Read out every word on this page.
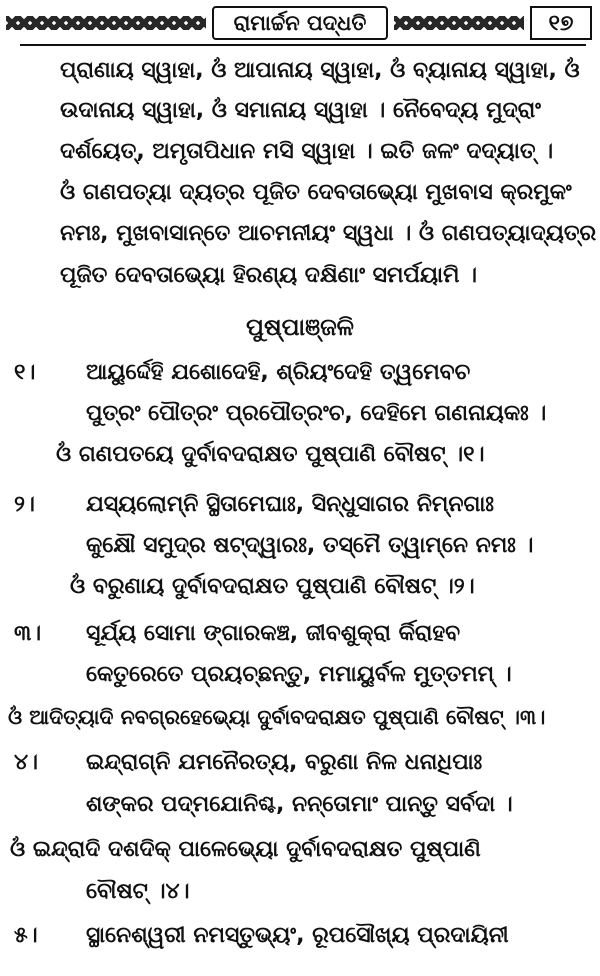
ରାମାର୍ଚ୍ଚନ ପଦ୍ଧତି	୧୭
ପ୍ରାଣାୟ ସ୍ୱାହା, ଓଁ ଆପାନାୟ ସ୍ୱାହା, ଓଁ ବ୍ୟାନାୟ ସ୍ୱାହା, ଓଁ
ଉଦାନାୟ ସ୍ୱାହା, ଓଁ ସମାନାୟ ସ୍ୱାହା । ନୈବେଦ୍ୟ ମୁଦ୍ରାଂ
ଦର୍ଶୟେତ୍, ଅମୃତାପିଧାନ ମସି ସ୍ୱାହା । ଇତି ଜଳଂ ଦଦ୍ୟାତ୍ ।
ଓଁ ଗଣପତ୍ୟା ଦ୍ୟତ୍ର ପୂଜିତ ଦେବତାଭ୍ୟୋ ମୁଖବାସ କ୍ରମୁକଂ
ନମଃ, ମୁଖବାସାନ୍ତେ ଆଚମନୀୟଂ ସ୍ୱଧା । ଓଁ ଗଣପତ୍ୟାଦ୍ୟତ୍ର
ପୂଜିତ ଦେବତାଭ୍ୟୋ ହିରଣ୍ୟ ଦକ୍ଷିଣାଂ ସମର୍ପୟାମି ।
ପୁଷ୍ପାଞ୍ଜଳି
୧। ଆୟୁର୍ଦ୍ଦେହି ଯଶୋଦେହି, ଶ୍ରିୟଂଦେହି ତ୍ୱମେବଚ
ପୁତ୍ରଂ ପୌତ୍ରଂ ପ୍ରପୌତ୍ରଂଚ, ଦେହିମେ ଗଣନାୟକଃ ।
ଓଁ ଗଣପତୟେ ଦୁର୍ବାବଦରାକ୍ଷତ ପୁଷ୍ପାଣି ବୌଷଟ୍ ।୧।
୨। ଯସ୍ୟଲୋମ୍ନି ସ୍ଥିତାମେଘାଃ, ସିନ୍ଧୁସାଗର ନିମ୍ନଗାଃ
କୁକ୍ଷୌ ସମୁଦ୍ର ଷଟ୍ଦ୍ୱାରଃ, ତସ୍ମୈ ତ୍ୱାମ୍ନେ ନମଃ ।
ଓଁ ବରୁଣାୟ ଦୁର୍ବାବଦରାକ୍ଷତ ପୁଷ୍ପାଣି ବୌଷଟ୍ ।୨।
୩। ସୂର୍ଯ୍ୟ ସୋମା ଙ୍ଗାରକଞ୍ଚ, ଜୀବଶୁକ୍ରା ର୍କିରାହବ
କେତୁରେତେ ପ୍ରୟଚ୍ଛନ୍ତୁ, ମମାୟୁର୍ବଳ ମୁତ୍ତମମ୍ ।
ଓଁ ଆଦିତ୍ୟାଦି ନବଗ୍ରହେଭ୍ୟୋ ଦୁର୍ବାବଦରାକ୍ଷତ ପୁଷ୍ପାଣି ବୌଷଟ୍ ।୩।
୪। ଇନ୍ଦ୍ରାଗ୍ନି ଯମନୈରତ୍ୟ, ବରୁଣା ନିଳ ଧନାଧିପାଃ
ଶଙ୍କର ପଦ୍ମଯୋନିଶ୍ଚ, ନନ୍ତୋମାଂ ପାନ୍ତୁ ସର୍ବଦା ।
ଓଁ ଇନ୍ଦ୍ରାଦି ଦଶଦିକ୍ ପାଳେଭ୍ୟୋ ଦୁର୍ବାବଦରାକ୍ଷତ ପୁଷ୍ପାଣି
ବୌଷଟ୍ ।୪।
୫। ସ୍ଥାନେଶ୍ୱରୀ ନମସ୍ତୁଭ୍ୟଂ, ରୂପସୌଖ୍ୟ ପ୍ରଦାୟିନୀ
